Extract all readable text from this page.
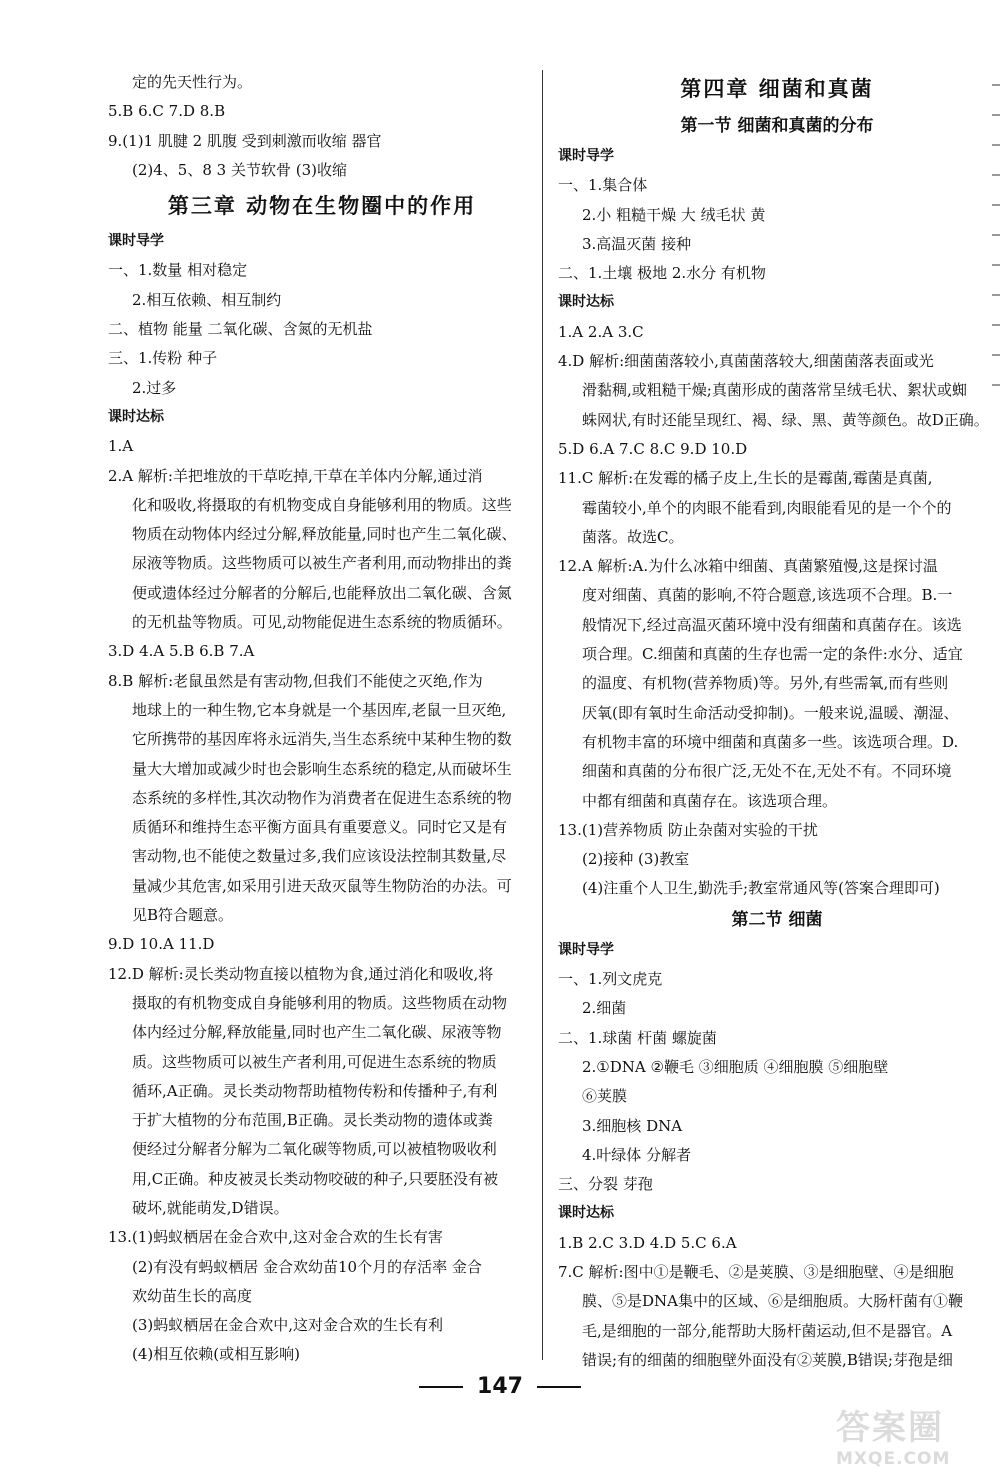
定的先天性行为。
5.B 6.C 7.D 8.B
9.(1)1 肌腱 2 肌腹 受到刺激而收缩 器官
(2)4、5、8 3 关节软骨 (3)收缩
第三章 动物在生物圈中的作用
课时导学
一、1.数量 相对稳定
2.相互依赖、相互制约
二、植物 能量 二氧化碳、含氮的无机盐
三、1.传粉 种子
2.过多
课时达标
1.A
2.A 解析:羊把堆放的干草吃掉,干草在羊体内分解,通过消
化和吸收,将摄取的有机物变成自身能够利用的物质。这些
物质在动物体内经过分解,释放能量,同时也产生二氧化碳、
尿液等物质。这些物质可以被生产者利用,而动物排出的粪
便或遗体经过分解者的分解后,也能释放出二氧化碳、含氮
的无机盐等物质。可见,动物能促进生态系统的物质循环。
3.D 4.A 5.B 6.B 7.A
8.B 解析:老鼠虽然是有害动物,但我们不能使之灭绝,作为
地球上的一种生物,它本身就是一个基因库,老鼠一旦灭绝,
它所携带的基因库将永远消失,当生态系统中某种生物的数
量大大增加或减少时也会影响生态系统的稳定,从而破坏生
态系统的多样性,其次动物作为消费者在促进生态系统的物
质循环和维持生态平衡方面具有重要意义。同时它又是有
害动物,也不能使之数量过多,我们应该设法控制其数量,尽
量减少其危害,如采用引进天敌灭鼠等生物防治的办法。可
见B符合题意。
9.D 10.A 11.D
12.D 解析:灵长类动物直接以植物为食,通过消化和吸收,将
摄取的有机物变成自身能够利用的物质。这些物质在动物
体内经过分解,释放能量,同时也产生二氧化碳、尿液等物
质。这些物质可以被生产者利用,可促进生态系统的物质
循环,A正确。灵长类动物帮助植物传粉和传播种子,有利
于扩大植物的分布范围,B正确。灵长类动物的遗体或粪
便经过分解者分解为二氧化碳等物质,可以被植物吸收利
用,C正确。种皮被灵长类动物咬破的种子,只要胚没有被
破坏,就能萌发,D错误。
13.(1)蚂蚁栖居在金合欢中,这对金合欢的生长有害
(2)有没有蚂蚁栖居 金合欢幼苗10个月的存活率 金合
欢幼苗生长的高度
(3)蚂蚁栖居在金合欢中,这对金合欢的生长有利
(4)相互依赖(或相互影响)
第四章 细菌和真菌
第一节 细菌和真菌的分布
课时导学
一、1.集合体
2.小 粗糙干燥 大 绒毛状 黄
3.高温灭菌 接种
二、1.土壤 极地 2.水分 有机物
课时达标
1.A 2.A 3.C
4.D 解析:细菌菌落较小,真菌菌落较大,细菌菌落表面或光
滑黏稠,或粗糙干燥;真菌形成的菌落常呈绒毛状、絮状或蜘
蛛网状,有时还能呈现红、褐、绿、黑、黄等颜色。故D正确。
5.D 6.A 7.C 8.C 9.D 10.D
11.C 解析:在发霉的橘子皮上,生长的是霉菌,霉菌是真菌,
霉菌较小,单个的肉眼不能看到,肉眼能看见的是一个个的
菌落。故选C。
12.A 解析:A.为什么冰箱中细菌、真菌繁殖慢,这是探讨温
度对细菌、真菌的影响,不符合题意,该选项不合理。B.一
般情况下,经过高温灭菌环境中没有细菌和真菌存在。该选
项合理。C.细菌和真菌的生存也需一定的条件:水分、适宜
的温度、有机物(营养物质)等。另外,有些需氧,而有些则
厌氧(即有氧时生命活动受抑制)。一般来说,温暖、潮湿、
有机物丰富的环境中细菌和真菌多一些。该选项合理。D.
细菌和真菌的分布很广泛,无处不在,无处不有。不同环境
中都有细菌和真菌存在。该选项合理。
13.(1)营养物质 防止杂菌对实验的干扰
(2)接种 (3)教室
(4)注重个人卫生,勤洗手;教室常通风等(答案合理即可)
第二节 细菌
课时导学
一、1.列文虎克
2.细菌
二、1.球菌 杆菌 螺旋菌
2.①DNA ②鞭毛 ③细胞质 ④细胞膜 ⑤细胞壁
⑥荚膜
3.细胞核 DNA
4.叶绿体 分解者
三、分裂 芽孢
课时达标
1.B 2.C 3.D 4.D 5.C 6.A
7.C 解析:图中①是鞭毛、②是荚膜、③是细胞壁、④是细胞
膜、⑤是DNA集中的区域、⑥是细胞质。大肠杆菌有①鞭
毛,是细胞的一部分,能帮助大肠杆菌运动,但不是器官。A
错误;有的细菌的细胞壁外面没有②荚膜,B错误;芽孢是细
147
答案圈
MXQE.COM
